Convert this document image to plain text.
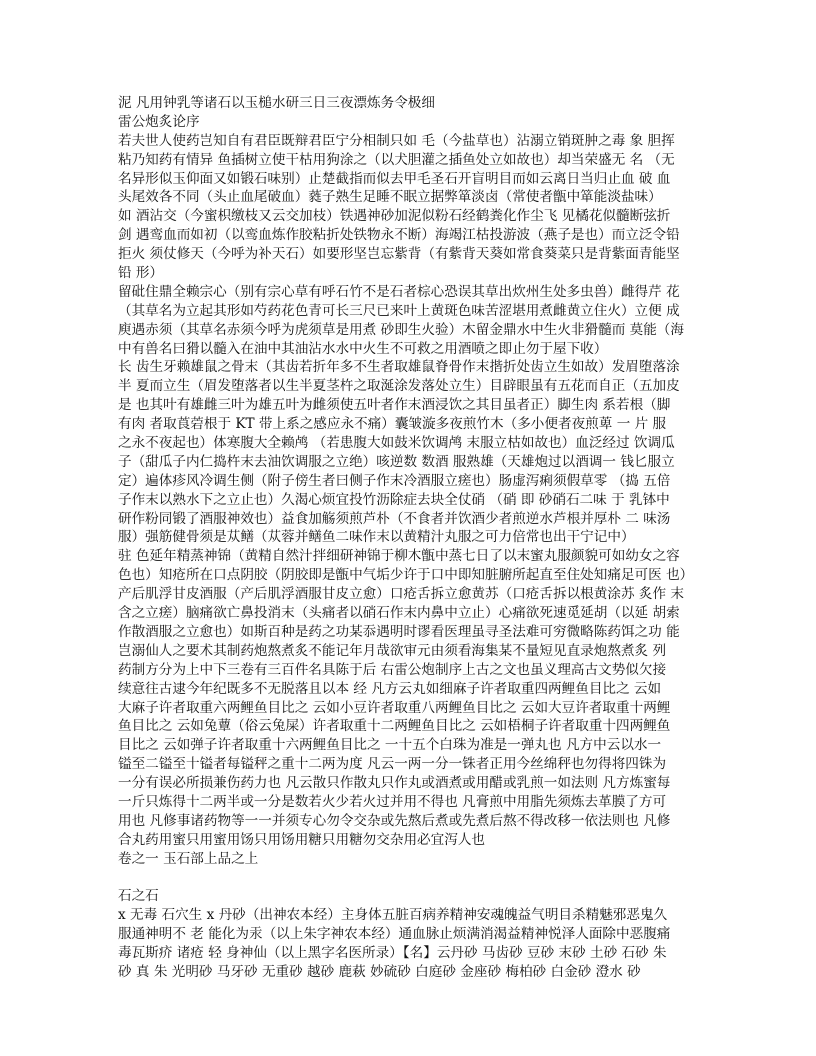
泥 凡用钟乳等诸石以玉槌水研三日三夜漂炼务令极细
雷公炮炙论序
若夫世人使药岂知自有君臣既辩君臣宁分相制只如 毛（今盐草也）沾溺立销斑肿之毒 象 胆挥
粘乃知药有情异 鱼插树立使干枯用狗涂之（以犬胆灌之插鱼处立如故也）却当荣盛无 名 （无
名异形似玉仰面又如锻石味别）止楚截指而似去甲毛圣石开盲明目而如云离日当归止血 破 血
头尾效各不同（头止血尾破血）蕤子熟生足睡不眠立据弊箪淡卤（常使者甑中箪能淡盐味）
如 酒沾交（今蜜枳缴枝又云交加枝）铁遇神砂加泥似粉石经鹤粪化作尘飞 见橘花似髓断弦折
剑 遇鸾血而如初（以鸾血炼作胶粘折处铁物永不断）海竭江枯投游波（燕子是也）而立泛令铅
拒火 须仗修天（今呼为补天石）如要形坚岂忘紫背（有紫背天葵如常食葵菜只是背紫面青能坚
铅 形）
留砒住鼎全赖宗心（别有宗心草有呼石竹不是石者棕心恐误其草出炊州生处多虫兽）雌得芹 花
（其草名为立起其形如芍药花色青可长三尺已来叶上黄斑色味苦涩堪用煮雌黄立住火）立便 成
庾遇赤须（其草名赤须今呼为虎须草是用煮 砂即生火验）木留金鼎水中生火非猾髓而 莫能（海
中有兽名曰猾以髓入在油中其油沾水水中火生不可救之用酒喷之即止勿于屋下收）
长 齿生牙赖雄鼠之骨末（其齿若折年多不生者取雄鼠脊骨作末揩折处齿立生如故）发眉堕落涂
半 夏而立生（眉发堕落者以生半夏茎杵之取涎涂发落处立生）目辟眼虽有五花而自正（五加皮
是 也其叶有雄雌三叶为雄五叶为雌须使五叶者作末酒浸饮之其目虽者正）脚生肉 系若根（脚
有肉 者取莨菪根于 KT 带上系之感应永不痛）囊皱漩多夜煎竹木（多小便者夜煎萆 一 片 服
之永不夜起也）体寒腹大全赖鸬 （若患腹大如鼓米饮调鸬 末服立枯如故也）血泛经过 饮调瓜
子（甜瓜子内仁捣杵末去油饮调服之立绝）咳逆数 数酒 服熟雄（天雄炮过以酒调一 钱匕服立
定）遍体疹风冷调生侧（附子傍生者曰侧子作末冷酒服立瘥也）肠虚泻痢须假草零 （捣 五倍
子作末以熟水下之立止也）久渴心烦宜投竹沥除症去块全仗硝 （硝 即 砂硝石二味 于 乳钵中
研作粉同锻了酒服神效也）益食加觞须煎芦朴（不食者并饮酒少者煎逆水芦根并厚朴 二 味汤
服）强筋健骨须是苁鳝（苁蓉并鳝鱼二味作末以黄精汁丸服之可力倍常也出干宁记中）
驻 色延年精蒸神锦（黄精自然汁拌细研神锦于柳木甑中蒸七日了以末蜜丸服颜貌可如幼女之容
色也）知疮所在口点阴胶（阴胶即是甑中气垢少许于口中即知脏腑所起直至住处知痛足可医 也）
产后肌浮甘皮酒服（产后肌浮酒服甘皮立愈）口疮舌拆立愈黄苏（口疮舌拆以根黄涂苏 炙作 末
含之立瘥）脑痛欲亡鼻投消末（头痛者以硝石作末内鼻中立止）心痛欲死速觅延胡（以延 胡索
作散酒服之立愈也）如斯百种是药之功某忝遇明时谬看医理虽寻圣法难可穷微略陈药饵之功 能
岂溺仙人之要术其制药炮熬煮炙不能记年月哉欲审元由须看海集某不量短见直录炮熬煮炙 列
药制方分为上中下三卷有三百件名具陈于后 右雷公炮制序上古之文也虽义理高古文势似欠接
续意往古逮今年纪既多不无脱落且以本 经 凡方云丸如细麻子许者取重四两鲤鱼目比之 云如
大麻子许者取重六两鲤鱼目比之 云如小豆许者取重八两鲤鱼目比之 云如大豆许者取重十两鲤
鱼目比之 云如兔蕈（俗云兔屎）许者取重十二两鲤鱼目比之 云如梧桐子许者取重十四两鲤鱼
目比之 云如弹子许者取重十六两鲤鱼目比之 一十五个白珠为准是一弹丸也 凡方中云以水一
镒至二镒至十镒者每镒秤之重十二两为度 凡云一两一分一铢者正用今丝绵秤也勿得将四铢为
一分有误必所损兼伤药力也 凡云散只作散丸只作丸或酒煮或用醋或乳煎一如法则 凡方炼蜜每
一斤只炼得十二两半或一分是数若火少若火过并用不得也 凡膏煎中用脂先须炼去革膜了方可
用也 凡修事诸药物等一一并须专心勿令交杂或先熬后煮或先煮后熬不得改移一依法则也 凡修
合丸药用蜜只用蜜用饧只用饧用糖只用糖勿交杂用必宜泻人也
卷之一 玉石部上品之上
石之石
x 无毒 石穴生 x 丹砂（出神农本经）主身体五脏百病养精神安魂魄益气明目杀精魅邪恶鬼久
服通神明不 老 能化为汞（以上朱字神农本经）通血脉止烦满消渴益精神悦泽人面除中恶腹痛
毒瓦斯疥 诸疮 轻 身神仙（以上黑字名医所录）【名】云丹砂 马齿砂 豆砂 末砂 土砂 石砂 朱
砂 真 朱 光明砂 马牙砂 无重砂 越砂 鹿萩 妙硫砂 白庭砂 金座砂 梅柏砂 白金砂 澄水 砂
